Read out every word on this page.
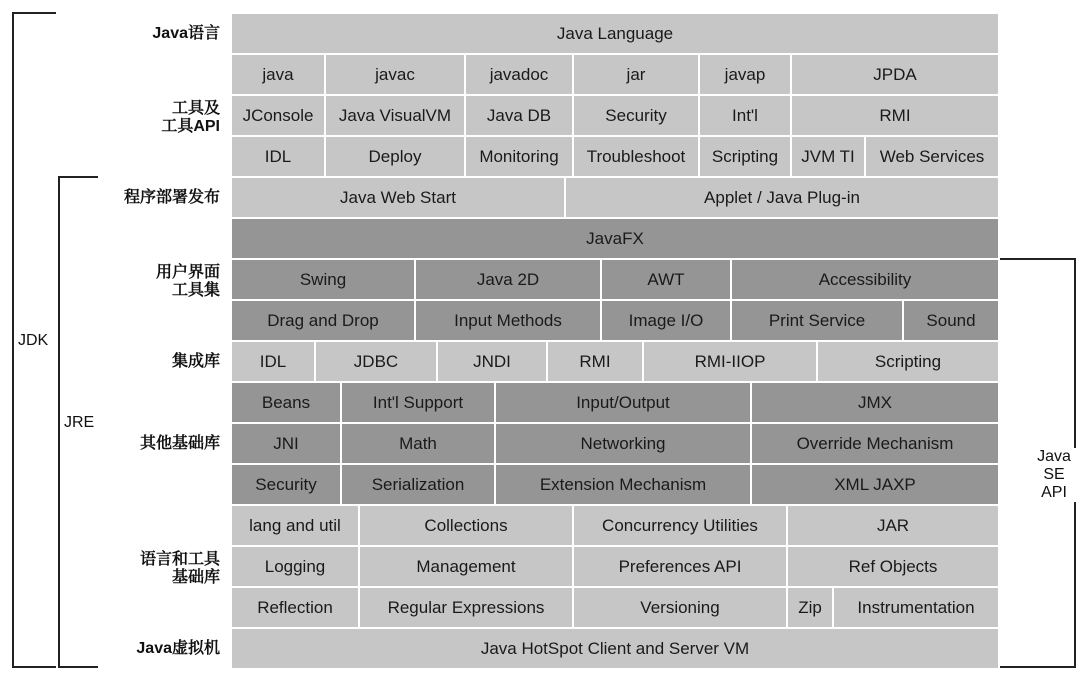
JDK
JRE
Java SE
API
Java语言
工具及
工具API
程序部署发布
用户界面
工具集
集成库
其他基础库
语言和工具
基础库
Java虚拟机
Java Language
java	javac	javadoc	jar	javap	JPDA
JConsole	Java VisualVM	Java DB	Security	Int'l	RMI
IDL	Deploy	Monitoring	Troubleshoot	Scripting	JVM TI	Web Services
Java Web Start	Applet / Java Plug-in
JavaFX
Swing	Java 2D	AWT	Accessibility
Drag and Drop	Input Methods	Image I/O	Print Service	Sound
IDL	JDBC	JNDI	RMI	RMI-IIOP	Scripting
Beans	Int'l Support	Input/Output	JMX
JNI	Math	Networking	Override Mechanism
Security	Serialization	Extension Mechanism	XML JAXP
lang and util	Collections	Concurrency Utilities	JAR
Logging	Management	Preferences API	Ref Objects
Reflection	Regular Expressions	Versioning	Zip	Instrumentation
Java HotSpot Client and Server VM
